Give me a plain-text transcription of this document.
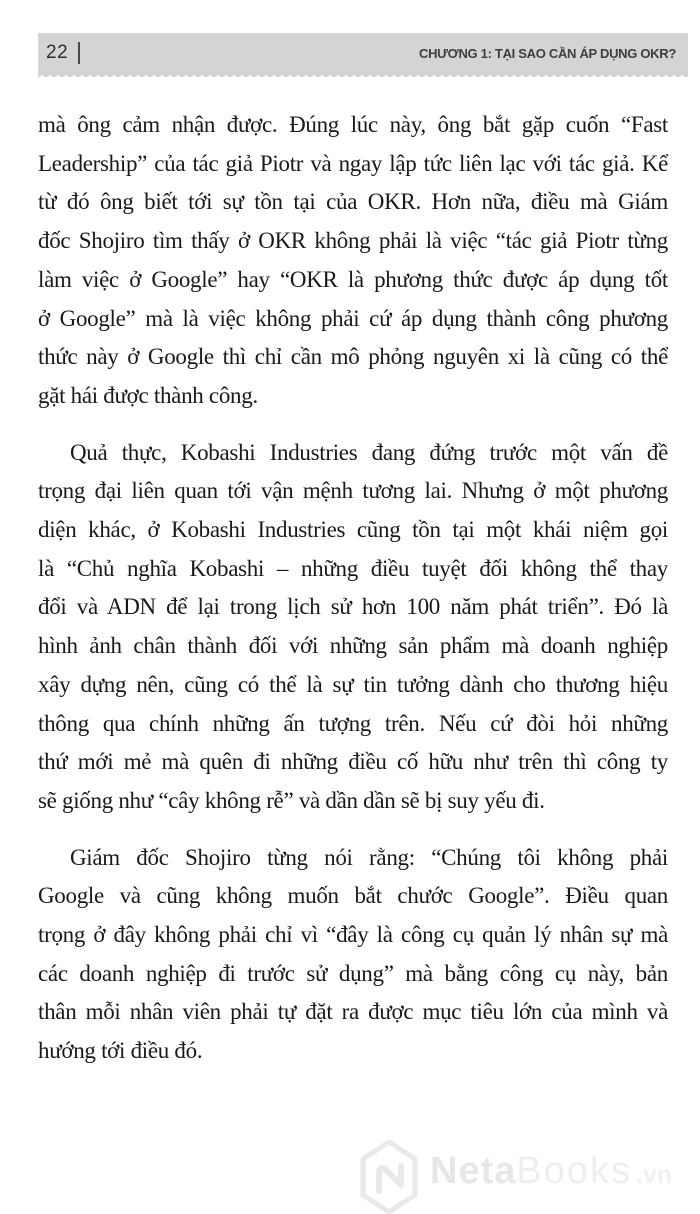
22	CHƯƠNG 1: TẠI SAO CẦN ÁP DỤNG OKR?
mà ông cảm nhận được. Đúng lúc này, ông bắt gặp cuốn “Fast
Leadership” của tác giả Piotr và ngay lập tức liên lạc với tác giả. Kể
từ đó ông biết tới sự tồn tại của OKR. Hơn nữa, điều mà Giám
đốc Shojiro tìm thấy ở OKR không phải là việc “tác giả Piotr từng
làm việc ở Google” hay “OKR là phương thức được áp dụng tốt
ở Google” mà là việc không phải cứ áp dụng thành công phương
thức này ở Google thì chỉ cần mô phỏng nguyên xi là cũng có thể
gặt hái được thành công.
Quả thực, Kobashi Industries đang đứng trước một vấn đề
trọng đại liên quan tới vận mệnh tương lai. Nhưng ở một phương
diện khác, ở Kobashi Industries cũng tồn tại một khái niệm gọi
là “Chủ nghĩa Kobashi – những điều tuyệt đối không thể thay
đổi và ADN để lại trong lịch sử hơn 100 năm phát triển”. Đó là
hình ảnh chân thành đối với những sản phẩm mà doanh nghiệp
xây dựng nên, cũng có thể là sự tin tưởng dành cho thương hiệu
thông qua chính những ấn tượng trên. Nếu cứ đòi hỏi những
thứ mới mẻ mà quên đi những điều cố hữu như trên thì công ty
sẽ giống như “cây không rễ” và dần dần sẽ bị suy yếu đi.
Giám đốc Shojiro từng nói rằng: “Chúng tôi không phải
Google và cũng không muốn bắt chước Google”. Điều quan
trọng ở đây không phải chỉ vì “đây là công cụ quản lý nhân sự mà
các doanh nghiệp đi trước sử dụng” mà bằng công cụ này, bản
thân mỗi nhân viên phải tự đặt ra được mục tiêu lớn của mình và
hướng tới điều đó.
Neta Books .vn
